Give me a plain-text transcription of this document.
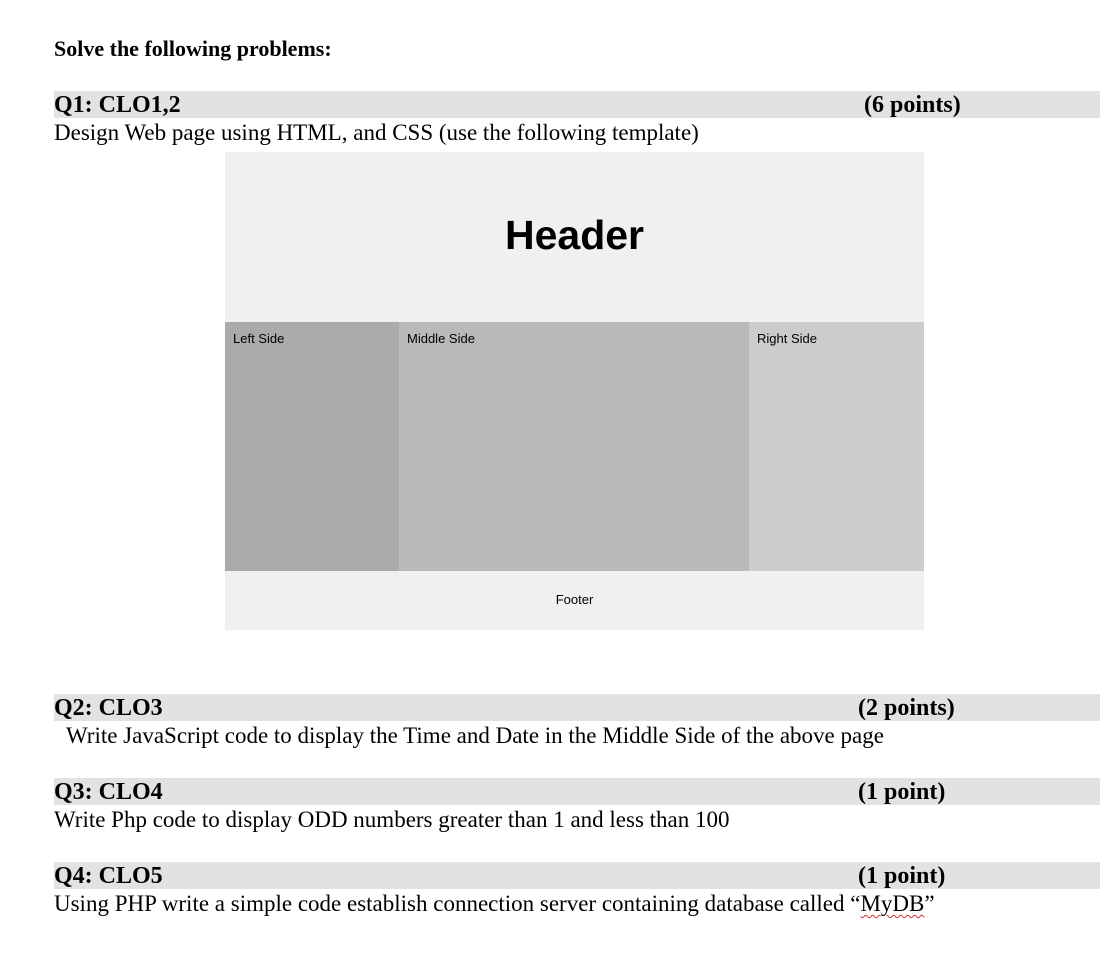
Solve the following problems:
Q1: CLO1,2	(6 points)
Design Web page using HTML, and CSS (use the following template)
Header
Left Side	Middle Side	Right Side
Footer
Q2: CLO3	(2 points)
Write JavaScript code to display the Time and Date in the Middle Side of the above page
Q3: CLO4	(1 point)
Write Php code to display ODD numbers greater than 1 and less than 100
Q4: CLO5	(1 point)
Using PHP write a simple code establish connection server containing database called “MyDB”
